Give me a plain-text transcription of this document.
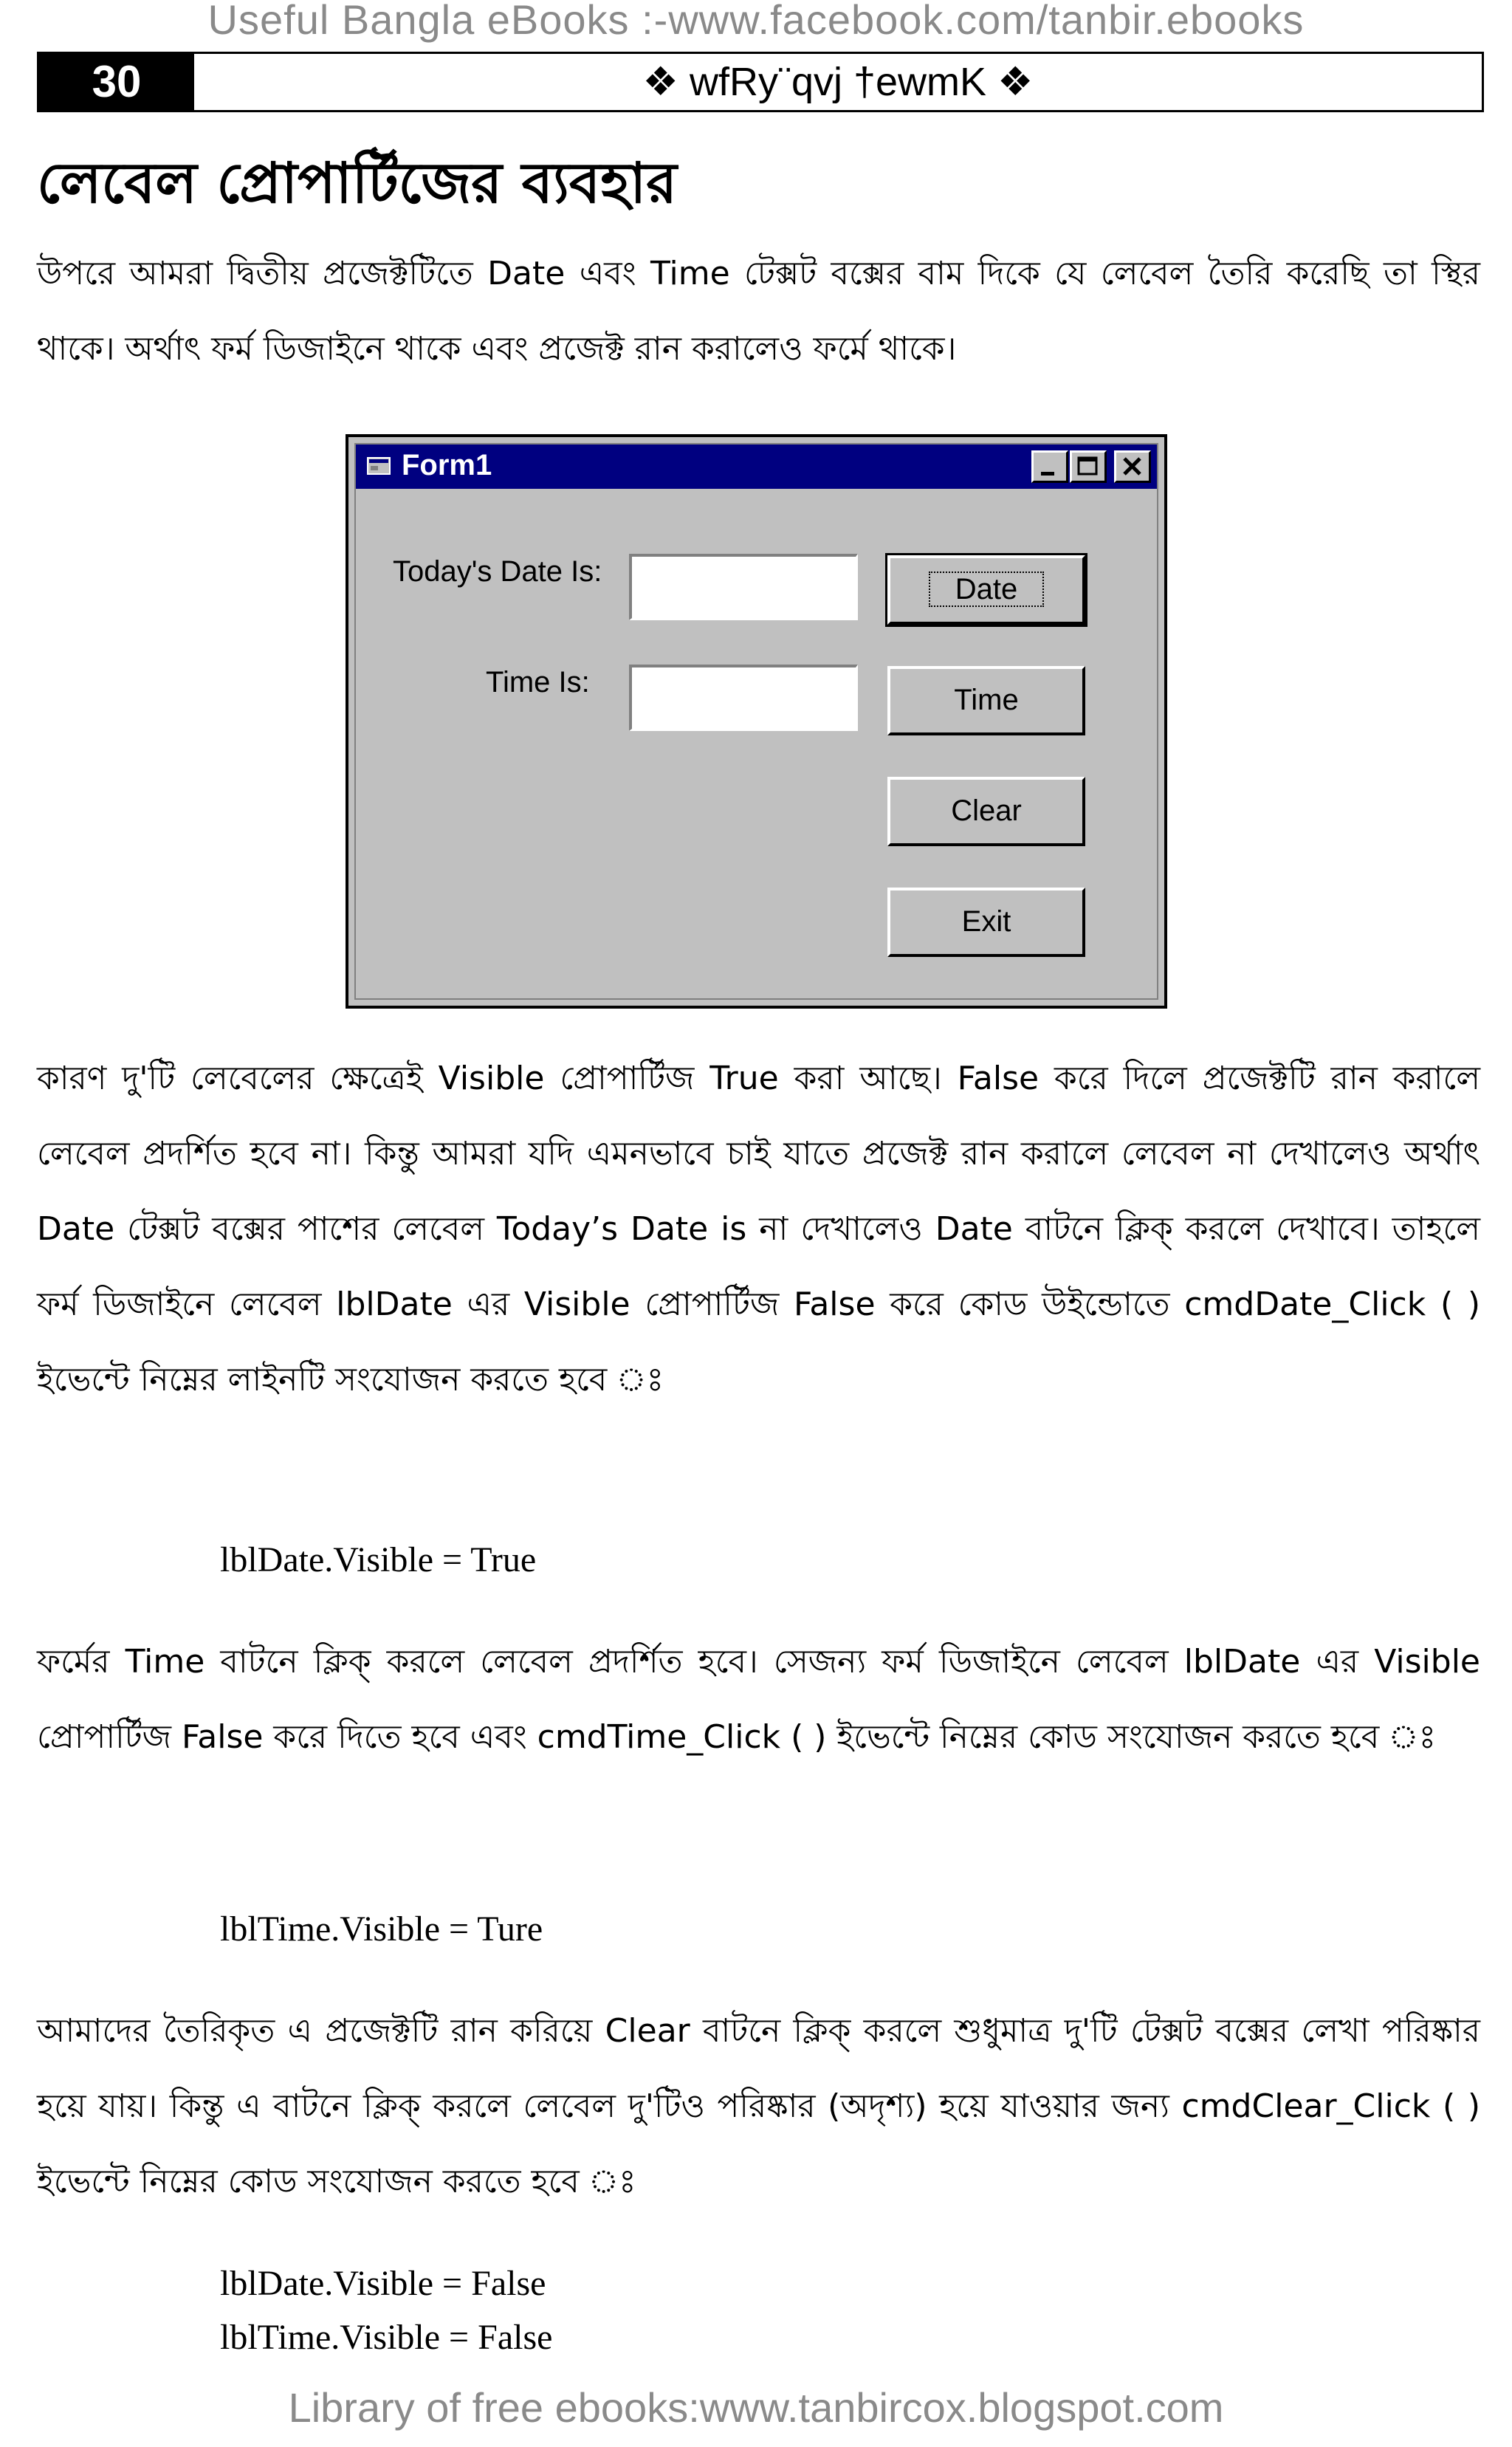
Useful Bangla eBooks :-www.facebook.com/tanbir.ebooks
30	❖ wfRy¨qvj †ewmK ❖
লেবেল প্রোপার্টিজের ব্যবহার
উপরে আমরা দ্বিতীয় প্রজেক্টটিতে Date এবং Time টেক্সট বক্সের বাম দিকে যে লেবেল তৈরি করেছি তা স্থির থাকে। অর্থাৎ ফর্ম ডিজাইনে থাকে এবং প্রজেক্ট রান করালেও ফর্মে থাকে।
Form1
Today's Date Is:
Time Is:
Date
Time
Clear
Exit
কারণ দু'টি লেবেলের ক্ষেত্রেই Visible প্রোপার্টিজ True করা আছে। False করে দিলে প্রজেক্টটি রান করালে লেবেল প্রদর্শিত হবে না। কিন্তু আমরা যদি এমনভাবে চাই যাতে প্রজেক্ট রান করালে লেবেল না দেখালেও অর্থাৎ Date টেক্সট বক্সের পাশের লেবেল Today’s Date is না দেখালেও Date বাটনে ক্লিক্ করলে দেখাবে। তাহলে ফর্ম ডিজাইনে লেবেল lblDate এর Visible প্রোপার্টিজ False করে কোড উইন্ডোতে cmdDate_Click ( ) ইভেন্টে নিম্নের লাইনটি সংযোজন করতে হবে ঃ
lblDate.Visible = True
ফর্মের Time বাটনে ক্লিক্ করলে লেবেল প্রদর্শিত হবে। সেজন্য ফর্ম ডিজাইনে লেবেল lblDate এর Visible প্রোপার্টিজ False করে দিতে হবে এবং cmdTime_Click ( ) ইভেন্টে নিম্নের কোড সংযোজন করতে হবে ঃ
lblTime.Visible = Ture
আমাদের তৈরিকৃত এ প্রজেক্টটি রান করিয়ে Clear বাটনে ক্লিক্ করলে শুধুমাত্র দু'টি টেক্সট বক্সের লেখা পরিষ্কার হয়ে যায়। কিন্তু এ বাটনে ক্লিক্ করলে লেবেল দু'টিও পরিষ্কার (অদৃশ্য) হয়ে যাওয়ার জন্য cmdClear_Click ( ) ইভেন্টে নিম্নের কোড সংযোজন করতে হবে ঃ
lblDate.Visible = False
lblTime.Visible = False
Library of free ebooks:www.tanbircox.blogspot.com
